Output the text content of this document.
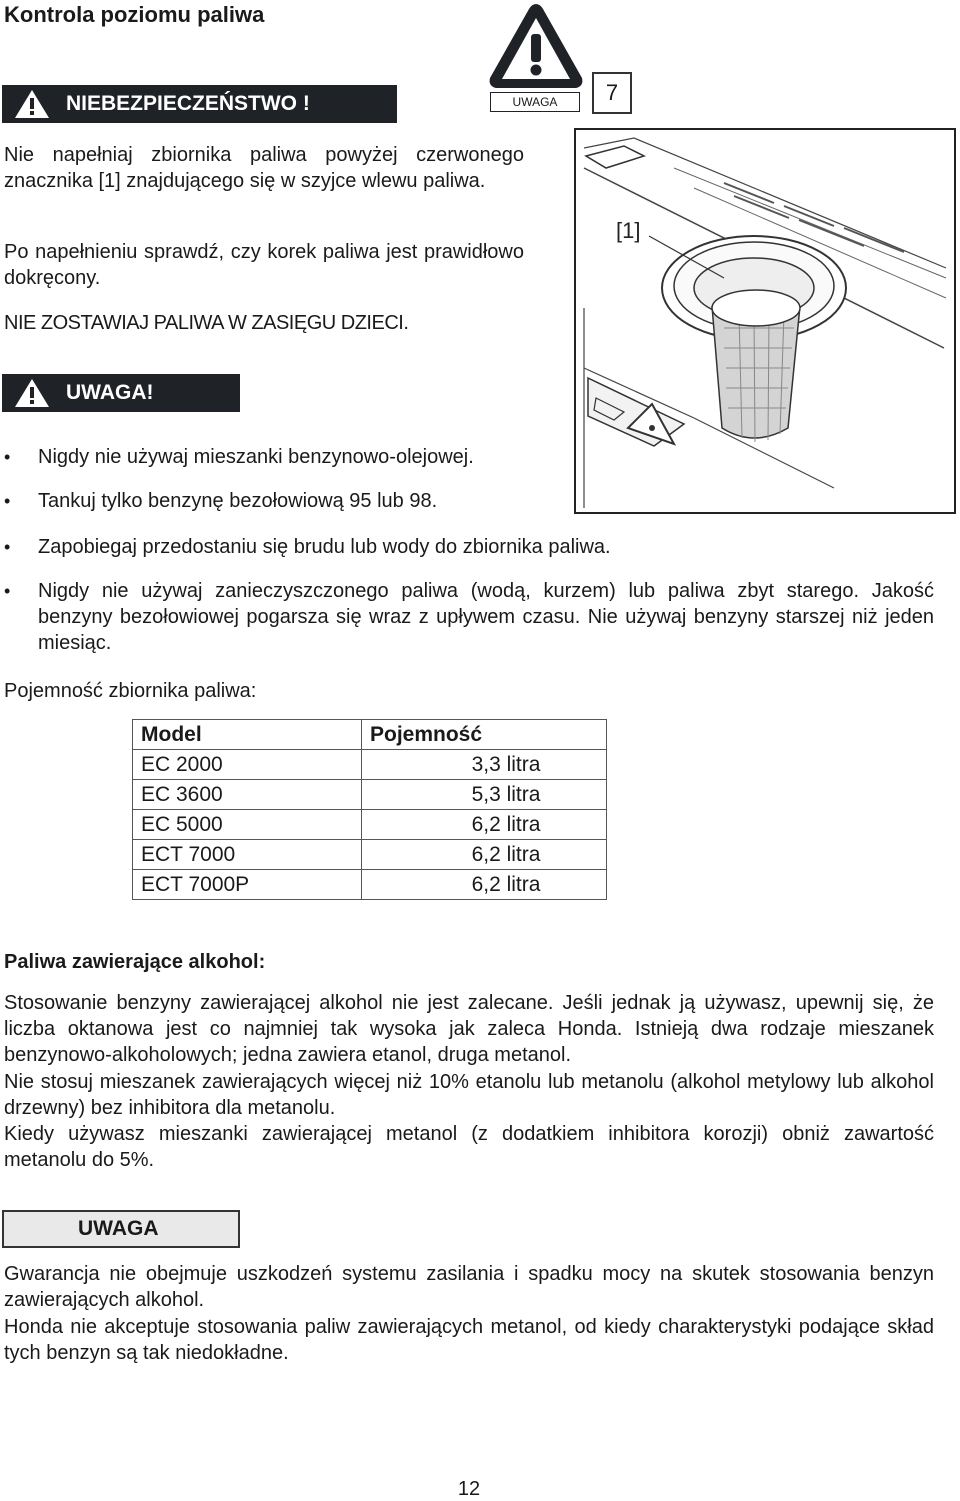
Kontrola poziomu paliwa
UWAGA	7
NIEBEZPIECZEŃSTWO !
Nie napełniaj zbiornika paliwa powyżej czerwonego znacznika [1] znajdującego się w szyjce wlewu paliwa.
Po napełnieniu sprawdź, czy korek paliwa jest prawidłowo dokręcony.
NIE ZOSTAWIAJ PALIWA W ZASIĘGU DZIECI.
[1]
UWAGA!
• Nigdy nie używaj mieszanki benzynowo-olejowej.
• Tankuj tylko benzynę bezołowiową 95 lub 98.
• Zapobiegaj przedostaniu się brudu lub wody do zbiornika paliwa.
• Nigdy nie używaj zanieczyszczonego paliwa (wodą, kurzem) lub paliwa zbyt starego. Jakość benzyny bezołowiowej pogarsza się wraz z upływem czasu. Nie używaj benzyny starszej niż jeden miesiąc.
Pojemność zbiornika paliwa:
Model	Pojemność
EC 2000	3,3 litra
EC 3600	5,3 litra
EC 5000	6,2 litra
ECT 7000	6,2 litra
ECT 7000P	6,2 litra
Paliwa zawierające alkohol:
Stosowanie benzyny zawierającej alkohol nie jest zalecane. Jeśli jednak ją używasz, upewnij się, że liczba oktanowa jest co najmniej tak wysoka jak zaleca Honda. Istnieją dwa rodzaje mieszanek benzynowo-alkoholowych; jedna zawiera etanol, druga metanol.
Nie stosuj mieszanek zawierających więcej niż 10% etanolu lub metanolu (alkohol metylowy lub alkohol drzewny) bez inhibitora dla metanolu.
Kiedy używasz mieszanki zawierającej metanol (z dodatkiem inhibitora korozji) obniż zawartość metanolu do 5%.
UWAGA
Gwarancja nie obejmuje uszkodzeń systemu zasilania i spadku mocy na skutek stosowania benzyn zawierających alkohol.
Honda nie akceptuje stosowania paliw zawierających metanol, od kiedy charakterystyki podające skład tych benzyn są tak niedokładne.
12
